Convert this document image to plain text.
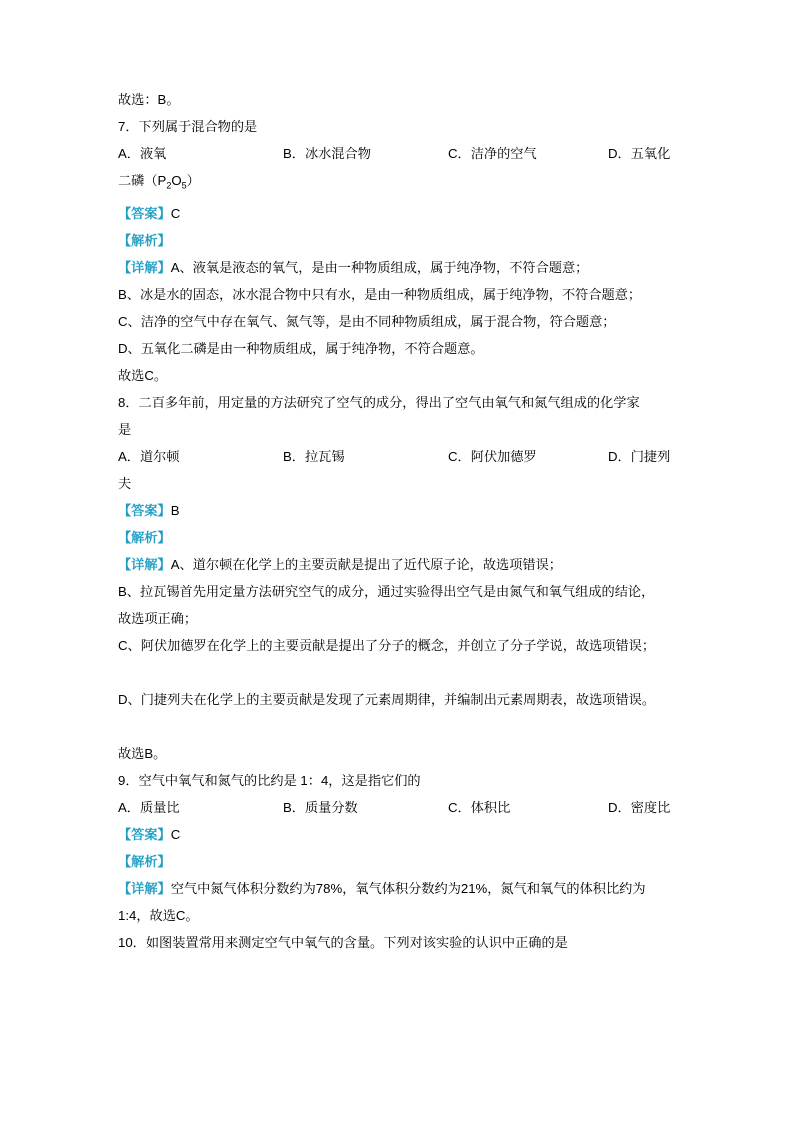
故选：B。
7．下列属于混合物的是
A．液氧	B．冰水混合物	C．洁净的空气	D．五氧化
二磷$(P_2O_5)$
【答案】C
【解析】
【详解】A、液氧是液态的氧气，是由一种物质组成，属于纯净物，不符合题意；
B、冰是水的固态，冰水混合物中只有水，是由一种物质组成，属于纯净物，不符合题意；
C、洁净的空气中存在氧气、氮气等，是由不同种物质组成，属于混合物，符合题意；
D、五氧化二磷是由一种物质组成，属于纯净物，不符合题意。
故选C。
8．二百多年前，用定量的方法研究了空气的成分，得出了空气由氧气和氮气组成的化学家
是
A．道尔顿	B．拉瓦锡	C．阿伏加德罗	D．门捷列
夫
【答案】B
【解析】
【详解】A、道尔顿在化学上的主要贡献是提出了近代原子论，故选项错误；
B、拉瓦锡首先用定量方法研究空气的成分，通过实验得出空气是由氮气和氧气组成的结论，
故选项正确；
C、阿伏加德罗在化学上的主要贡献是提出了分子的概念，并创立了分子学说，故选项错误；
D、门捷列夫在化学上的主要贡献是发现了元素周期律，并编制出元素周期表，故选项错误。
故选B。
9．空气中氧气和氮气的比约是 1：4，这是指它们的
A．质量比	B．质量分数	C．体积比	D．密度比
【答案】C
【解析】
【详解】空气中氮气体积分数约为78%，氧气体积分数约为21%，氮气和氧气的体积比约为
1:4，故选C。
10．如图装置常用来测定空气中氧气的含量。下列对该实验的认识中正确的是
